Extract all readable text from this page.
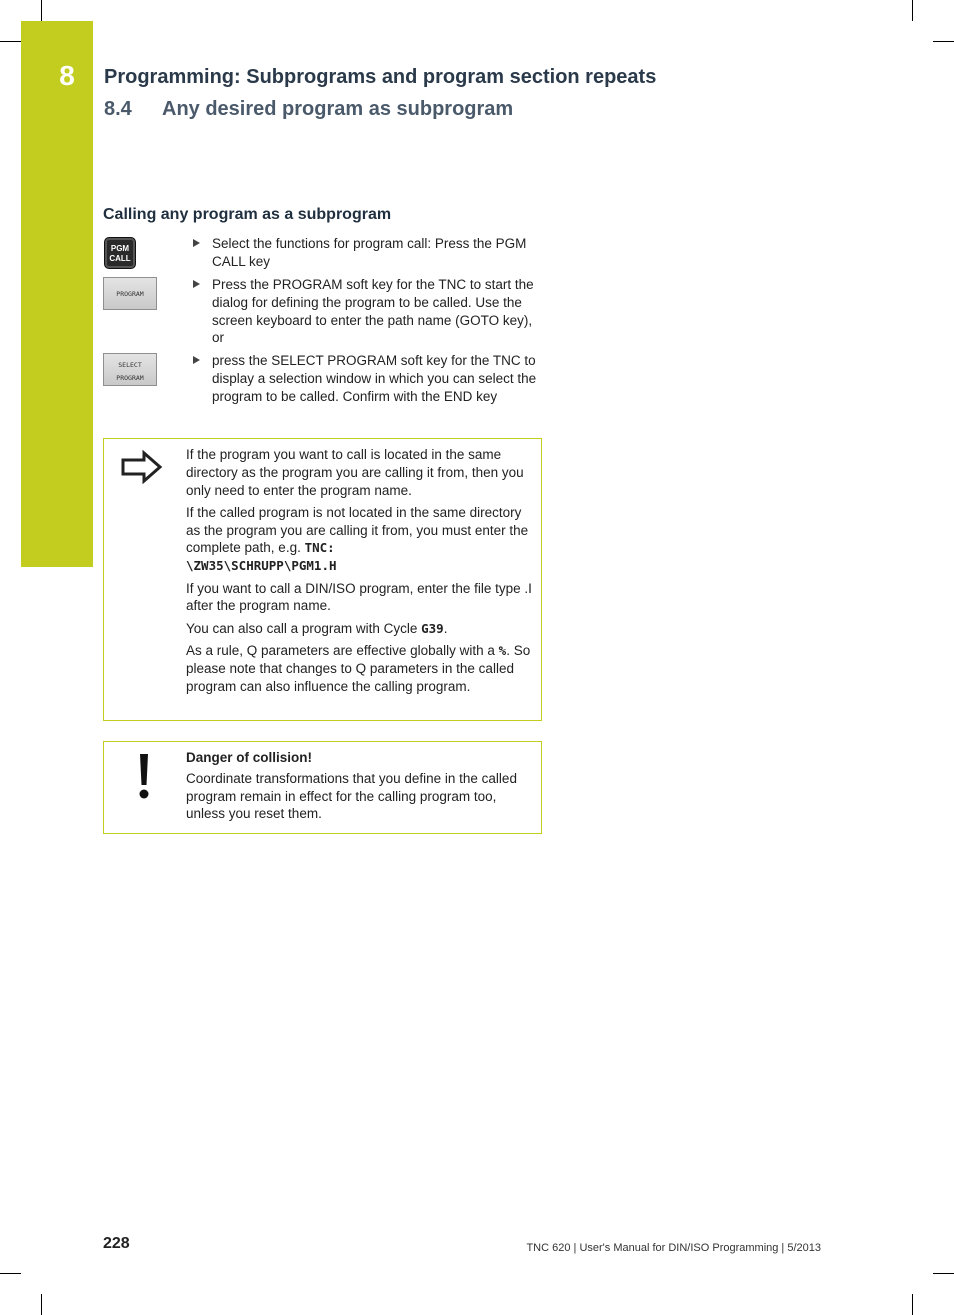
8	Programming: Subprograms and program section repeats
8.4 Any desired program as subprogram
Calling any program as a subprogram
PGM
CALL
PROGRAM
SELECT
PROGRAM
Select the functions for program call: Press the PGM CALL key
Press the PROGRAM soft key for the TNC to start the dialog for defining the program to be called. Use the screen keyboard to enter the path name (GOTO key), or
press the SELECT PROGRAM soft key for the TNC to display a selection window in which you can select the program to be called. Confirm with the END key

If the program you want to call is located in the same directory as the program you are calling it from, then you only need to enter the program name.

If the called program is not located in the same directory as the program you are calling it from, you must enter the complete path, e.g. TNC:
\ZW35\SCHRUPP\PGM1.H

If you want to call a DIN/ISO program, enter the file type .I after the program name.

You can also call a program with Cycle G39.

As a rule, Q parameters are effective globally with a %. So please note that changes to Q parameters in the called program can also influence the calling program.

Danger of collision!

Coordinate transformations that you define in the called program remain in effect for the calling program too, unless you reset them.

228	TNC 620 | User's Manual for DIN/ISO Programming | 5/2013
